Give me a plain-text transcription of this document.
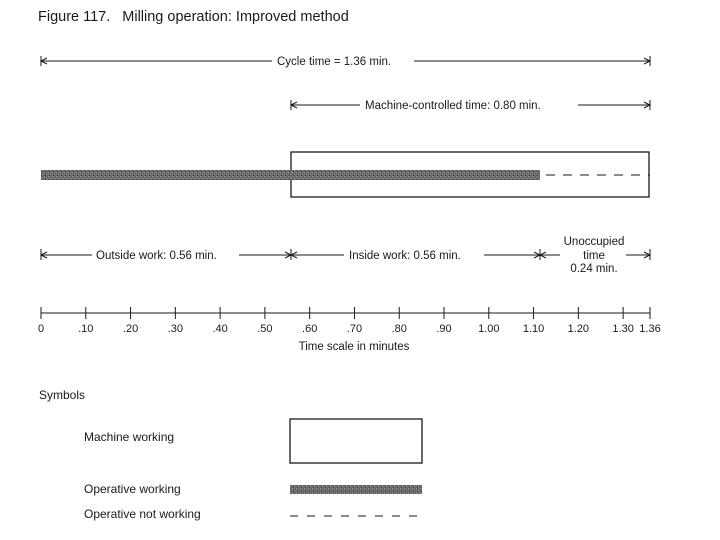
Figure 117. Milling operation: Improved method
Cycle time = 1.36 min.
Machine-controlled time: 0.80 min.
Outside work: 0.56 min.	Inside work: 0.56 min.
Unoccupied
time
0.24 min.
0	.10	.20	.30	.40	.50	.60	.70	.80	.90 1.00 1.10 1.20 1.30 1.36
Time scale in minutes
Symbols
Machine working
Operative working
Operative not working
